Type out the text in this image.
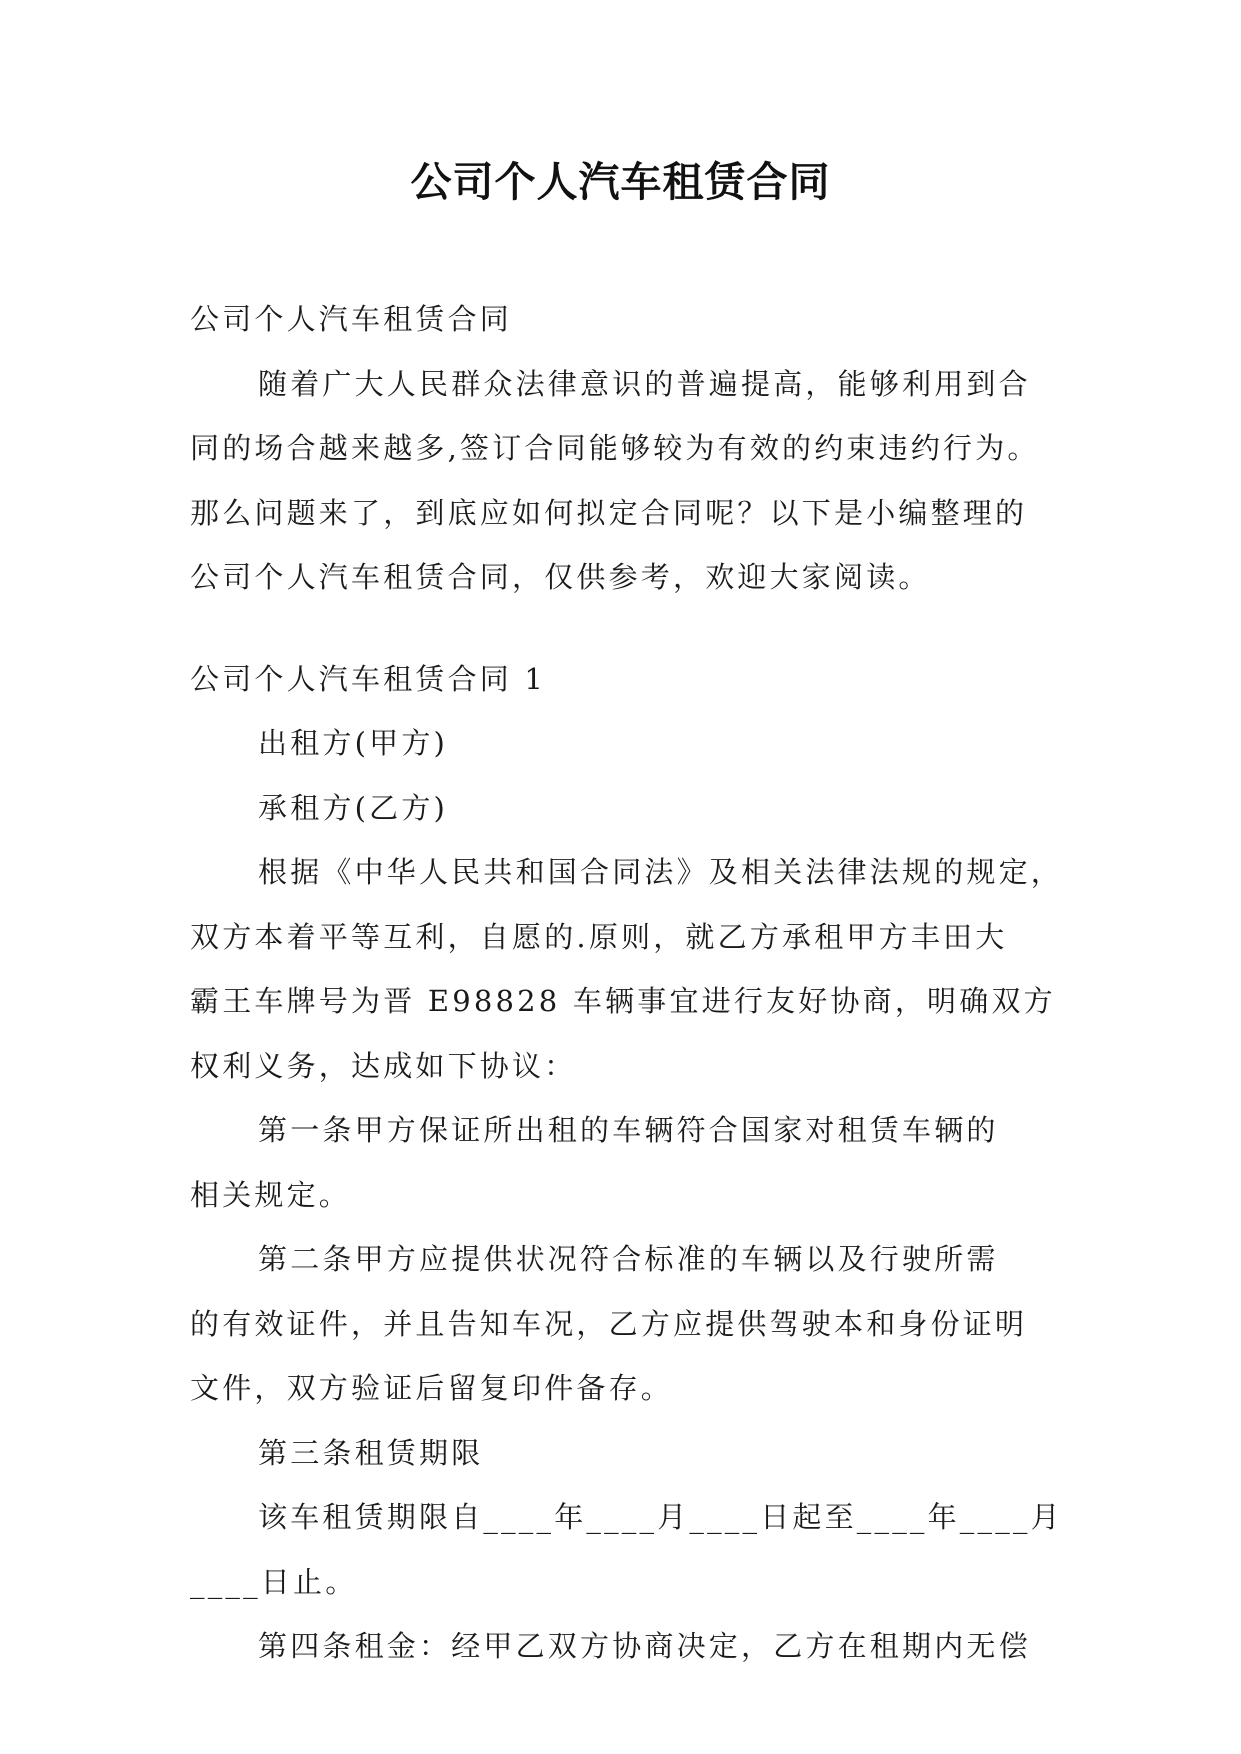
公司个人汽车租赁合同
公司个人汽车租赁合同
随着广大人民群众法律意识的普遍提高，能够利用到合
同的场合越来越多,签订合同能够较为有效的约束违约行为。
那么问题来了，到底应如何拟定合同呢？以下是小编整理的
公司个人汽车租赁合同，仅供参考，欢迎大家阅读。
公司个人汽车租赁合同 1
出租方(甲方)
承租方(乙方)
根据《中华人民共和国合同法》及相关法律法规的规定，
双方本着平等互利，自愿的.原则，就乙方承租甲方丰田大
霸王车牌号为晋 E98828 车辆事宜进行友好协商，明确双方
权利义务，达成如下协议：
第一条甲方保证所出租的车辆符合国家对租赁车辆的
相关规定。
第二条甲方应提供状况符合标准的车辆以及行驶所需
的有效证件，并且告知车况，乙方应提供驾驶本和身份证明
文件，双方验证后留复印件备存。
第三条租赁期限
该车租赁期限自____年____月____日起至____年____月
____日止。
第四条租金：经甲乙双方协商决定，乙方在租期内无偿
